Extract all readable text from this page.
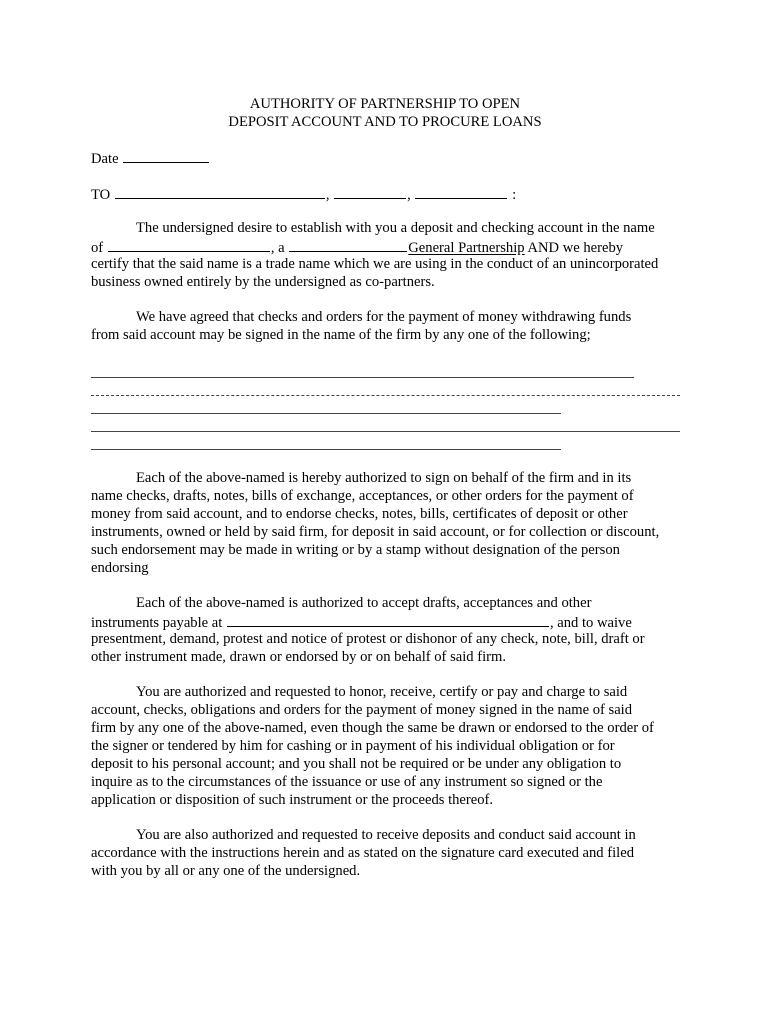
AUTHORITY OF PARTNERSHIP TO OPEN
DEPOSIT ACCOUNT AND TO PROCURE LOANS
Date
TO	,	,	:
The undersigned desire to establish with you a deposit and checking account in the name
of	, a	General Partnership AND we hereby
certify that the said name is a trade name which we are using in the conduct of an unincorporated
business owned entirely by the undersigned as co-partners.
We have agreed that checks and orders for the payment of money withdrawing funds
from said account may be signed in the name of the firm by any one of the following;
Each of the above-named is hereby authorized to sign on behalf of the firm and in its
name checks, drafts, notes, bills of exchange, acceptances, or other orders for the payment of
money from said account, and to endorse checks, notes, bills, certificates of deposit or other
instruments, owned or held by said firm, for deposit in said account, or for collection or discount,
such endorsement may be made in writing or by a stamp without designation of the person
endorsing
Each of the above-named is authorized to accept drafts, acceptances and other
instruments payable at	, and to waive
presentment, demand, protest and notice of protest or dishonor of any check, note, bill, draft or
other instrument made, drawn or endorsed by or on behalf of said firm.
You are authorized and requested to honor, receive, certify or pay and charge to said
account, checks, obligations and orders for the payment of money signed in the name of said
firm by any one of the above-named, even though the same be drawn or endorsed to the order of
the signer or tendered by him for cashing or in payment of his individual obligation or for
deposit to his personal account; and you shall not be required or be under any obligation to
inquire as to the circumstances of the issuance or use of any instrument so signed or the
application or disposition of such instrument or the proceeds thereof.
You are also authorized and requested to receive deposits and conduct said account in
accordance with the instructions herein and as stated on the signature card executed and filed
with you by all or any one of the undersigned.
